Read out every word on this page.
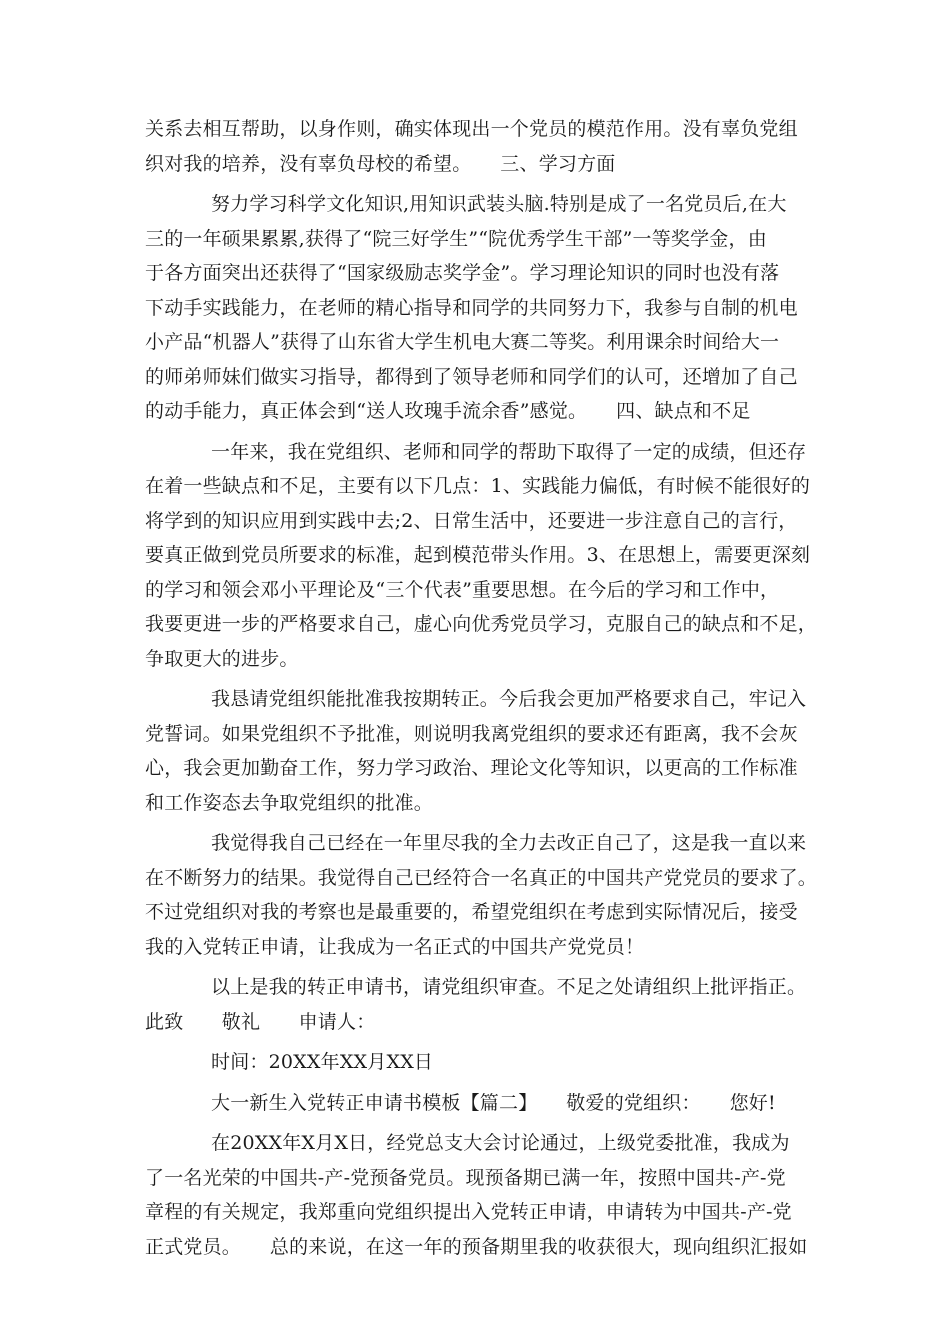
关系去相互帮助，以身作则，确实体现出一个党员的模范作用。没有辜负党组
织对我的培养，没有辜负母校的希望。　　三、学习方面
努力学习科学文化知识,用知识武装头脑.特别是成了一名党员后,在大
三的一年硕果累累,获得了“院三好学生”“院优秀学生干部”一等奖学金，由
于各方面突出还获得了“国家级励志奖学金”。学习理论知识的同时也没有落
下动手实践能力，在老师的精心指导和同学的共同努力下，我参与自制的机电
小产品“机器人”获得了山东省大学生机电大赛二等奖。利用课余时间给大一
的师弟师妹们做实习指导，都得到了领导老师和同学们的认可，还增加了自己
的动手能力，真正体会到“送人玫瑰手流余香”感觉。　　四、缺点和不足
一年来，我在党组织、老师和同学的帮助下取得了一定的成绩，但还存
在着一些缺点和不足，主要有以下几点：1、实践能力偏低，有时候不能很好的
将学到的知识应用到实践中去;2、日常生活中，还要进一步注意自己的言行，
要真正做到党员所要求的标准，起到模范带头作用。3、在思想上，需要更深刻
的学习和领会邓小平理论及“三个代表”重要思想。在今后的学习和工作中，
我要更进一步的严格要求自己，虚心向优秀党员学习，克服自己的缺点和不足，
争取更大的进步。
我恳请党组织能批准我按期转正。今后我会更加严格要求自己，牢记入
党誓词。如果党组织不予批准，则说明我离党组织的要求还有距离，我不会灰
心，我会更加勤奋工作，努力学习政治、理论文化等知识，以更高的工作标准
和工作姿态去争取党组织的批准。
我觉得我自己已经在一年里尽我的全力去改正自己了，这是我一直以来
在不断努力的结果。我觉得自己已经符合一名真正的中国共产党党员的要求了。
不过党组织对我的考察也是最重要的，希望党组织在考虑到实际情况后，接受
我的入党转正申请，让我成为一名正式的中国共产党党员！
以上是我的转正申请书，请党组织审查。不足之处请组织上批评指正。
此致　　敬礼　　申请人：
时间：20XX年XX月XX日
大一新生入党转正申请书模板【篇二】　　敬爱的党组织：　　您好!
在20XX年X月X日，经党总支大会讨论通过，上级党委批准，我成为
了一名光荣的中国共-产-党预备党员。现预备期已满一年，按照中国共-产-党
章程的有关规定，我郑重向党组织提出入党转正申请，申请转为中国共-产-党
正式党员。　　总的来说，在这一年的预备期里我的收获很大，现向组织汇报如
